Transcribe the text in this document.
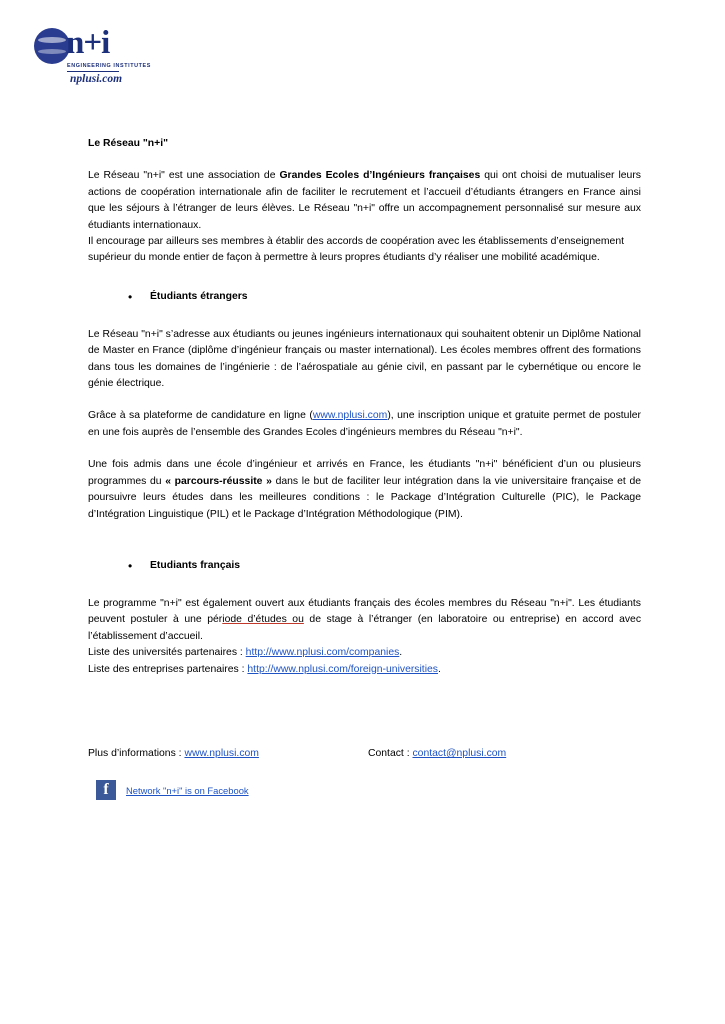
n+i
ENGINEERING INSTITUTES
nplusi.com

Le Réseau "n+i"

Le Réseau "n+i" est une association de Grandes Ecoles d’Ingénieurs françaises qui ont choisi de mutualiser leurs actions de coopération internationale afin de faciliter le recrutement et l’accueil d’étudiants étrangers en France ainsi que les séjours à l’étranger de leurs élèves. Le Réseau "n+i" offre un accompagnement personnalisé sur mesure aux étudiants internationaux.

Il encourage par ailleurs ses membres à établir des accords de coopération avec les établissements d’enseignement supérieur du monde entier de façon à permettre à leurs propres étudiants d’y réaliser une mobilité académique.

•	Étudiants étrangers

Le Réseau "n+i" s’adresse aux étudiants ou jeunes ingénieurs internationaux qui souhaitent obtenir un Diplôme National de Master en France (diplôme d’ingénieur français ou master international). Les écoles membres offrent des formations dans tous les domaines de l’ingénierie : de l’aérospatiale au génie civil, en passant par le cybernétique ou encore le génie électrique.

Grâce à sa plateforme de candidature en ligne (www.nplusi.com), une inscription unique et gratuite permet de postuler en une fois auprès de l’ensemble des Grandes Ecoles d’ingénieurs membres du Réseau "n+i".

Une fois admis dans une école d’ingénieur et arrivés en France, les étudiants "n+i" bénéficient d’un ou plusieurs programmes du « parcours-réussite » dans le but de faciliter leur intégration dans la vie universitaire française et de poursuivre leurs études dans les meilleures conditions : le Package d’Intégration Culturelle (PIC), le Package d’Intégration Linguistique (PIL) et le Package d’Intégration Méthodologique (PIM).

•	Etudiants français

Le programme "n+i" est également ouvert aux étudiants français des écoles membres du Réseau "n+i". Les étudiants peuvent postuler à une période d’études ou de stage à l’étranger (en laboratoire ou entreprise) en accord avec l’établissement d’accueil.

Liste des universités partenaires : http://www.nplusi.com/companies.

Liste des entreprises partenaires : http://www.nplusi.com/foreign-universities.

Plus d’informations : www.nplusi.com	Contact : contact@nplusi.com
f	Network "n+i" is on Facebook
